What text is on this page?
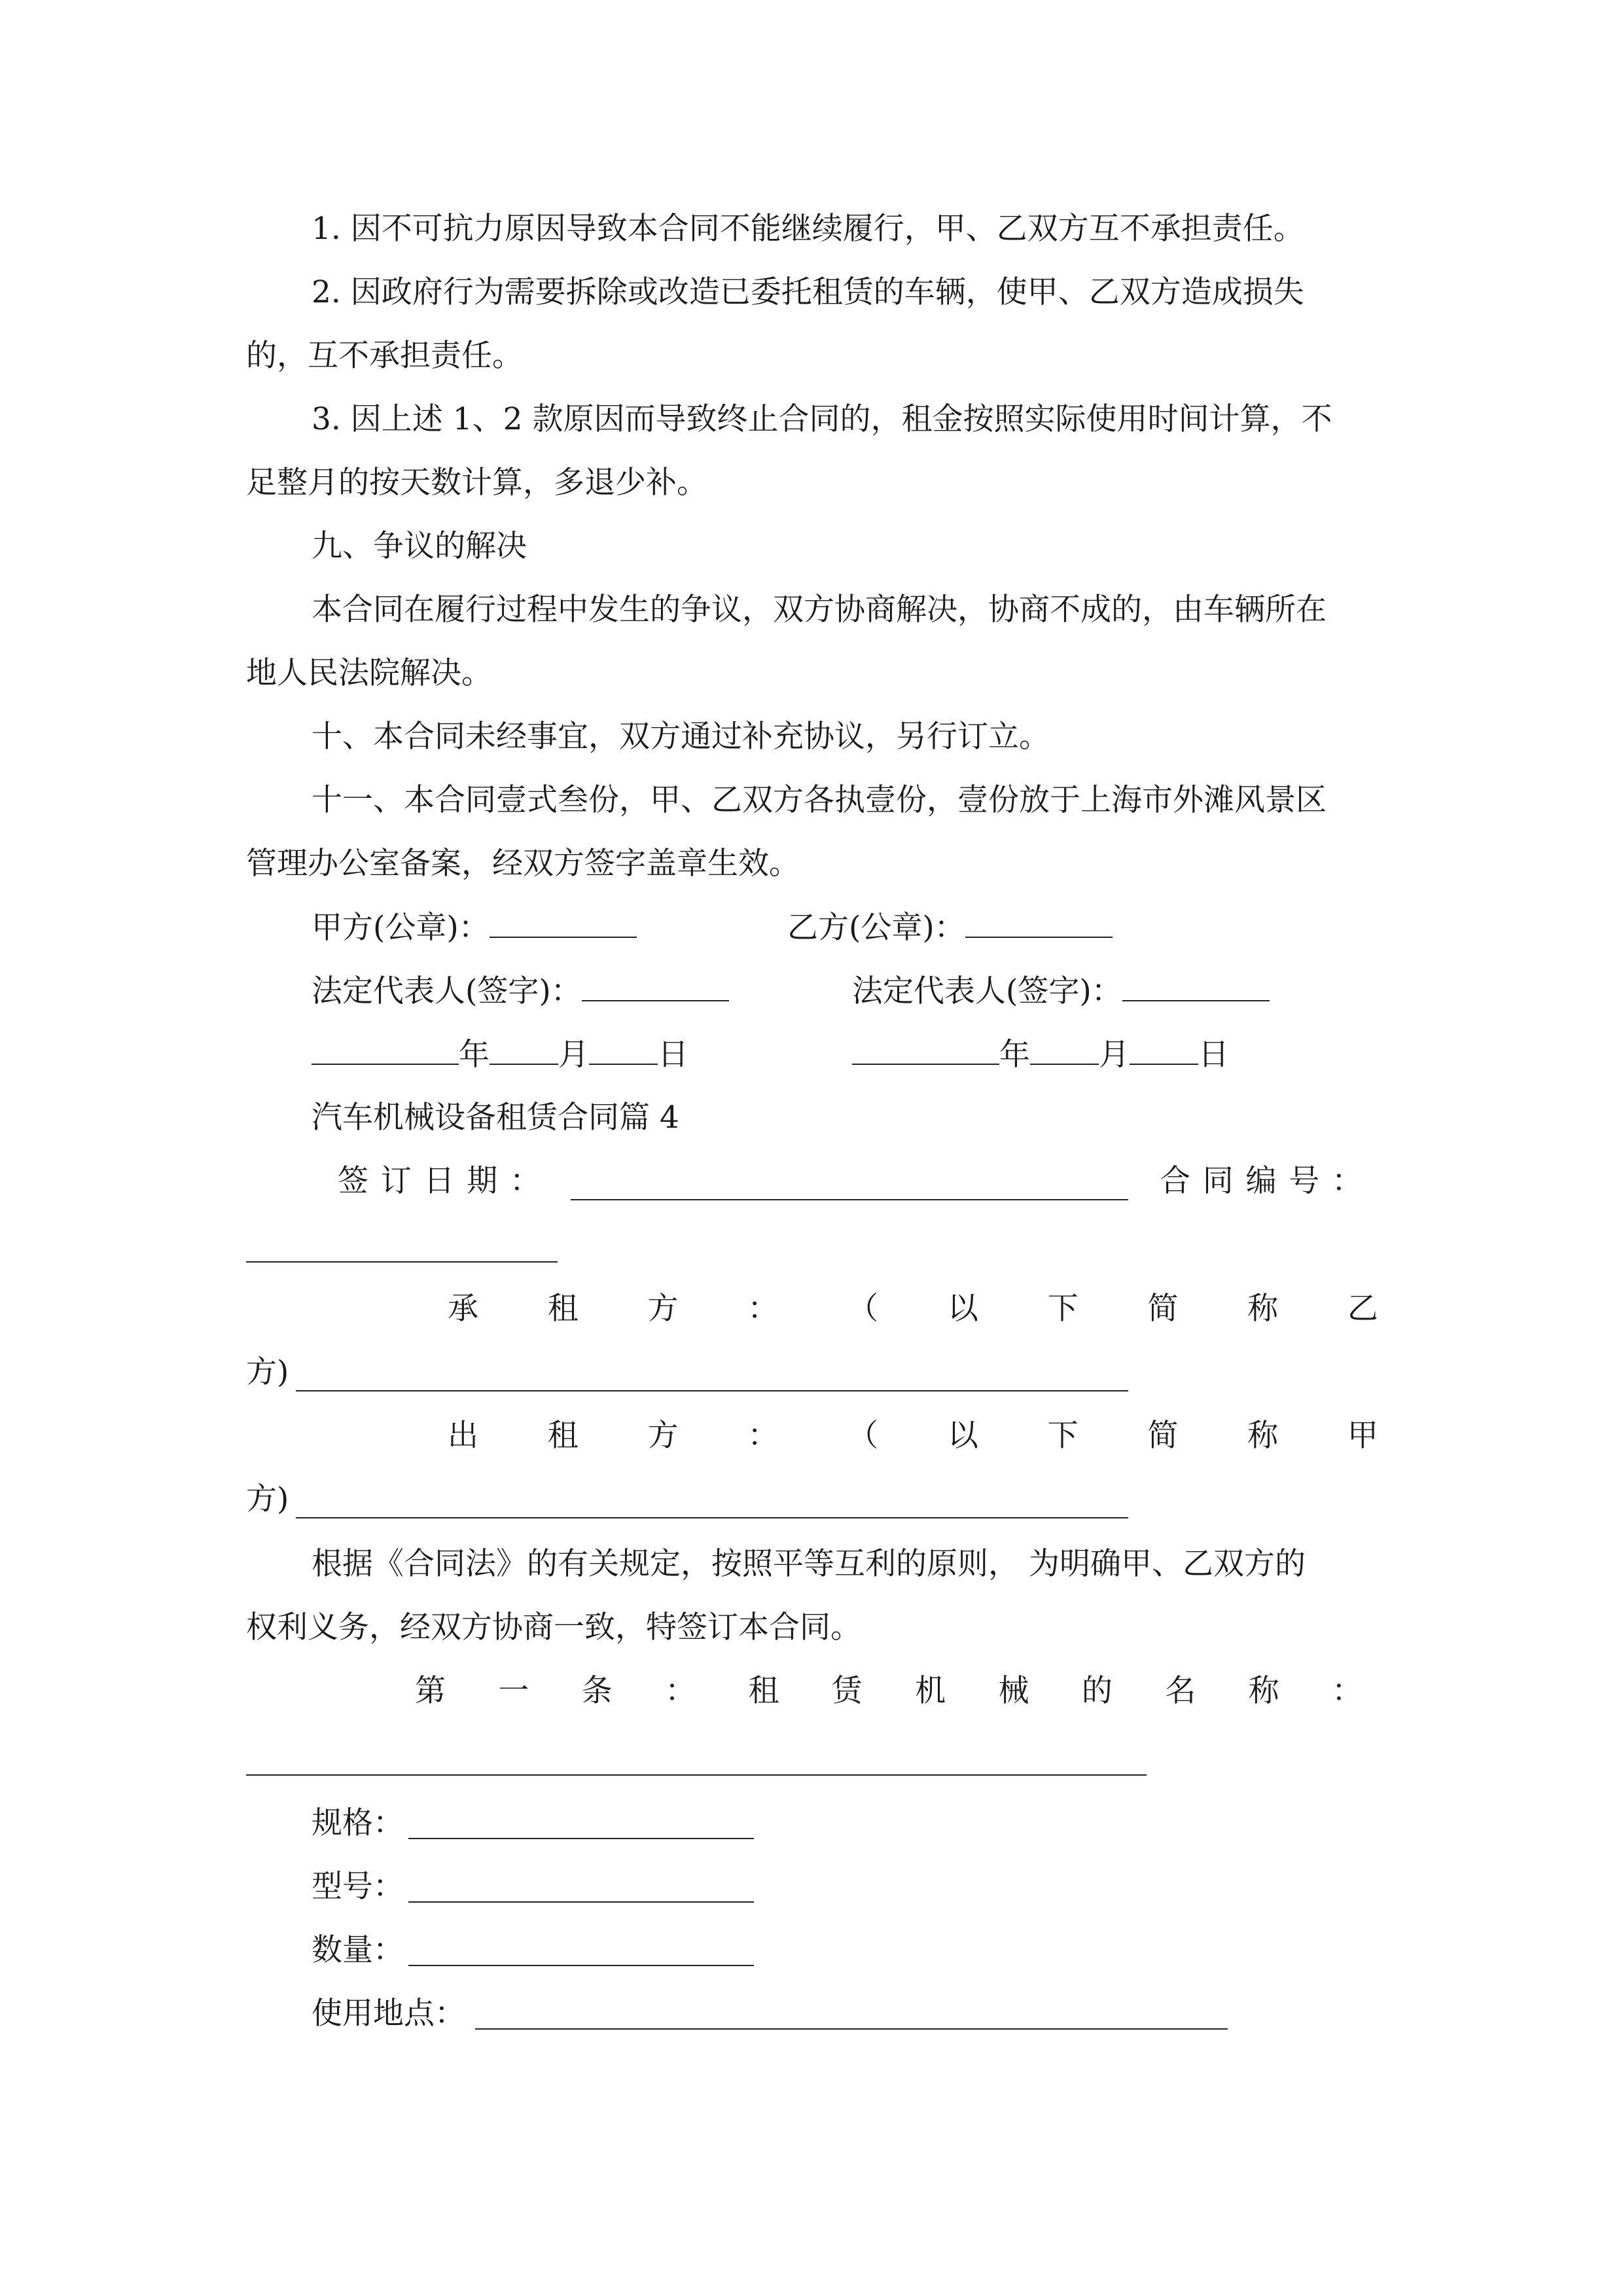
1. 因不可抗力原因导致本合同不能继续履行，甲、乙双方互不承担责任。
2. 因政府行为需要拆除或改造已委托租赁的车辆，使甲、乙双方造成损失
的，互不承担责任。
3. 因上述 1、2 款原因而导致终止合同的，租金按照实际使用时间计算，不
足整月的按天数计算，多退少补。
九、争议的解决
本合同在履行过程中发生的争议，双方协商解决，协商不成的，由车辆所在
地人民法院解决。
十、本合同未经事宜，双方通过补充协议，另行订立。
十一、本合同壹式叁份，甲、乙双方各执壹份，壹份放于上海市外滩风景区
管理办公室备案，经双方签字盖章生效。
甲方(公章)：	乙方(公章)：
法定代表人(签字)：	法定代表人(签字)：
年 月 日	年 月 日
汽车机械设备租赁合同篇 4
签 订 日 期 ：	合 同 编 号 ：
承 租 方 ： （ 以 下 简 称 乙
方)
出 租 方 ： （ 以 下 简 称 甲
方)
根据《合同法》的有关规定，按照平等互利的原则， 为明确甲、乙双方的
权利义务，经双方协商一致，特签订本合同。
第 一 条 ： 租 赁 机 械 的 名 称 ：
规格：
型号：
数量：
使用地点：
